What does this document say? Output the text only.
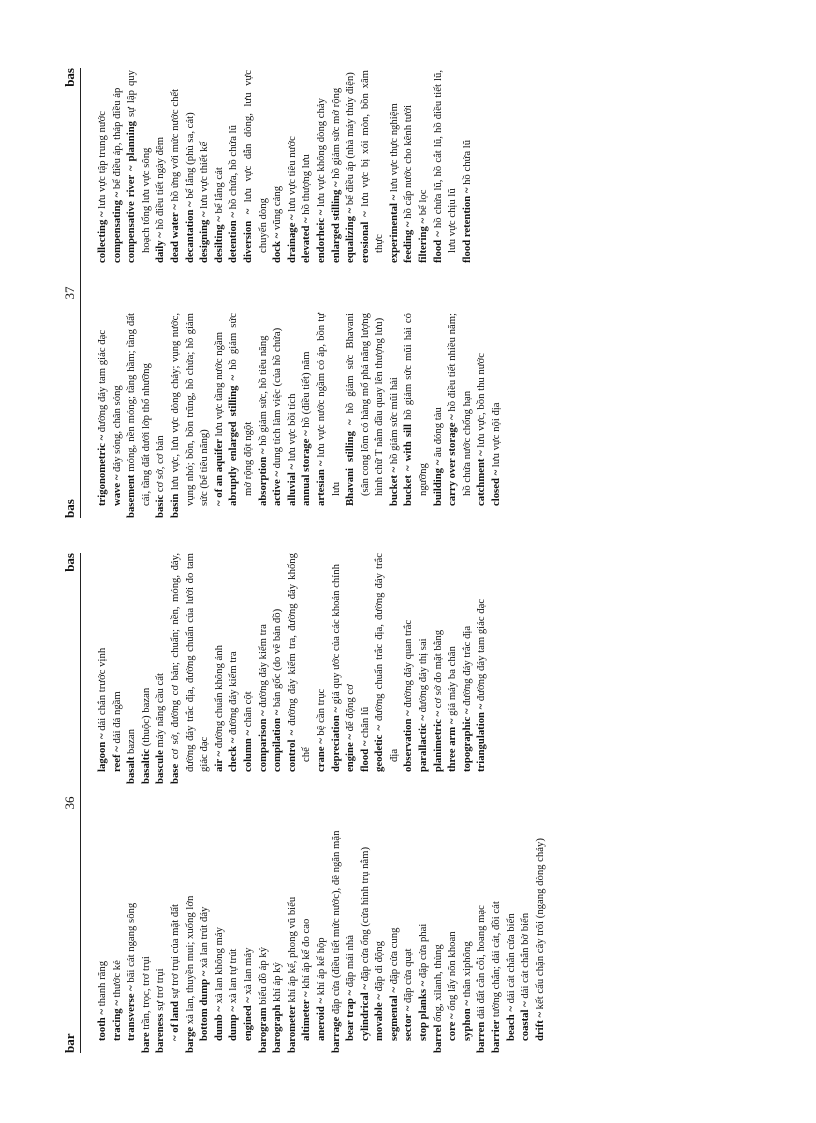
bar
36
bas
tooth ~ thanh răng
tracing ~ thước kẻ
transverse ~ bãi cát ngang sông
bare trần, trọc, trơ trụi
bareness sự trơ trụi
~ of land sự trơ trụi của mặt đất
barge xà lan, thuyền mui; xuống lớn bottom dump ~ xà lan trút đáy
dumb ~ xà lan không máy
dump ~ xà lan tự trút
engined ~ xà lan máy
barogram biểu đồ áp ký
barograph khí áp ký
barometer khí áp kế, phong vũ biểu
altimeter ~ khí áp kế đo cao
aneroid ~ khí áp kế hộp
barrage đập cửa (điều tiết mức nước), đê ngăn mặn bear trap ~ đập mái nhà
cylindrical ~ đập cửa ống (cửa hình trụ nằm)
movable ~ đập di động
segmental ~ đập cửa cung
sector ~ đập cửa quạt
stop planks ~ đập cửa phai
barrel ống, xilanh, thùng
core ~ ống lấy nõn khoan
syphon ~ thân xiphông
barren dải đất cằn cỗi, hoang mạc
barrier tường chắn; dải cát, đồi cát
beach ~ dải cát chắn cửa biển
coastal ~ dải cát chắn bờ biển
drift ~ kết cấu chặn cây trôi (ngang dòng chảy)
lagoon ~ dải chắn trước vịnh
reef ~ dải đá ngầm
basalt bazan
basaltic (thuộc) bazan
bascule máy nâng cầu cất
base cơ sở, đường cơ bản; chuẩn; nền, móng, đáy, đường đáy trắc địa, đường chuẩn của lưới đo tam giác đạc air ~ đường chuẩn không ảnh
check ~ đường đáy kiểm tra
column ~ chân cột comparison ~ đường đáy kiểm tra
compilation ~ bản gốc (do vẽ bản đồ)
control ~ đường đáy kiểm tra, đường đáy khống chế crane ~ bệ cần trục depreciation ~ giá quy ước của các khoản chỉnh
engine ~ đế động cơ
flood ~ chân lũ
geodetic ~ đường chuẩn trắc địa, đường đáy trắc địa observation ~ đường đáy quan trắc
parallactic ~ đường đáy thị sai
planimetric ~ cơ sở đo mặt bằng
three arm ~ giá máy ba chân
topographic ~ đường đáy trắc địa
triangulation ~ đường đáy tam giác đạc
bas
37
bas
trigonometric ~ đường đáy tam giác đạc
wave ~ đáy sóng, chân sóng
basement móng, nền móng; tầng hầm; tầng đất cái, tầng đất dưới lớp thổ nhưỡng
basic cơ sở, cơ bản
basin lưu vực, lưu vực dòng chảy; vụng nước, vụng nhỏ; bồn, bồn trũng, hồ chứa; hồ giảm sức (bể tiêu năng) ~ of an aquifer lưu vực tầng nước ngầm abruptly enlarged stilling ~ hồ giảm sức mở rộng đột ngột absorption ~ hồ giảm sức, hồ tiêu năng
active ~ dung tích làm việc (của hồ chứa)
alluvial ~ lưu vực bồi tích
annual storage ~ hồ (điều tiết) năm
artesian ~ lưu vực nước ngầm có áp, bồn tự lưu Bhavani stilling ~ hồ giảm sức Bhavani (sân cong lõm có hàng mố phá năng lượng hình chữ T nằm đầu quay lên thượng lưu) bucket ~ hồ giảm sức mũi hài bucket ~ with sill hồ giảm sức mũi hài có ngưỡng building ~ âu đóng tàu carry over storage ~ hồ điều tiết nhiều năm; hồ chứa nước chống hạn catchment ~ lưu vực, bồn thu nước
closed ~ lưu vực nội địa
collecting ~ lưu vực tập trung nước
compensating ~ bể điều áp, tháp điều áp compensative river ~ planning sự lập quy hoạch tổng lưu vực sông daily ~ hồ điều tiết ngày đêm
dead water ~ hồ ứng với mức nước chết
decantation ~ bể lắng (phù sa, cát)
designing ~ lưu vực thiết kế
desilting ~ bể lắng cát
detention ~ hồ chứa, hồ chứa lũ
diversion ~ lưu vực dẫn dòng, lưu vực chuyển dòng dock ~ vũng cảng
drainage ~ lưu vực tiêu nước
elevated ~ hồ thượng lưu
endorheic ~ lưu vực không dòng chảy
enlarged stilling ~ hồ giảm sức mở rộng
equalizing ~ bể điều áp (nhà máy thủy điện)
erosional ~ lưu vực bị xói mòn, bồn xâm thực experimental ~ lưu vực thực nghiệm
feeding ~ hồ cấp nước cho kênh tưới
filtering ~ bể lọc
flood ~ hồ chứa lũ, hồ cắt lũ, hồ điều tiết lũ, lưu vực chịu lũ flood retention ~ hồ chứa lũ
